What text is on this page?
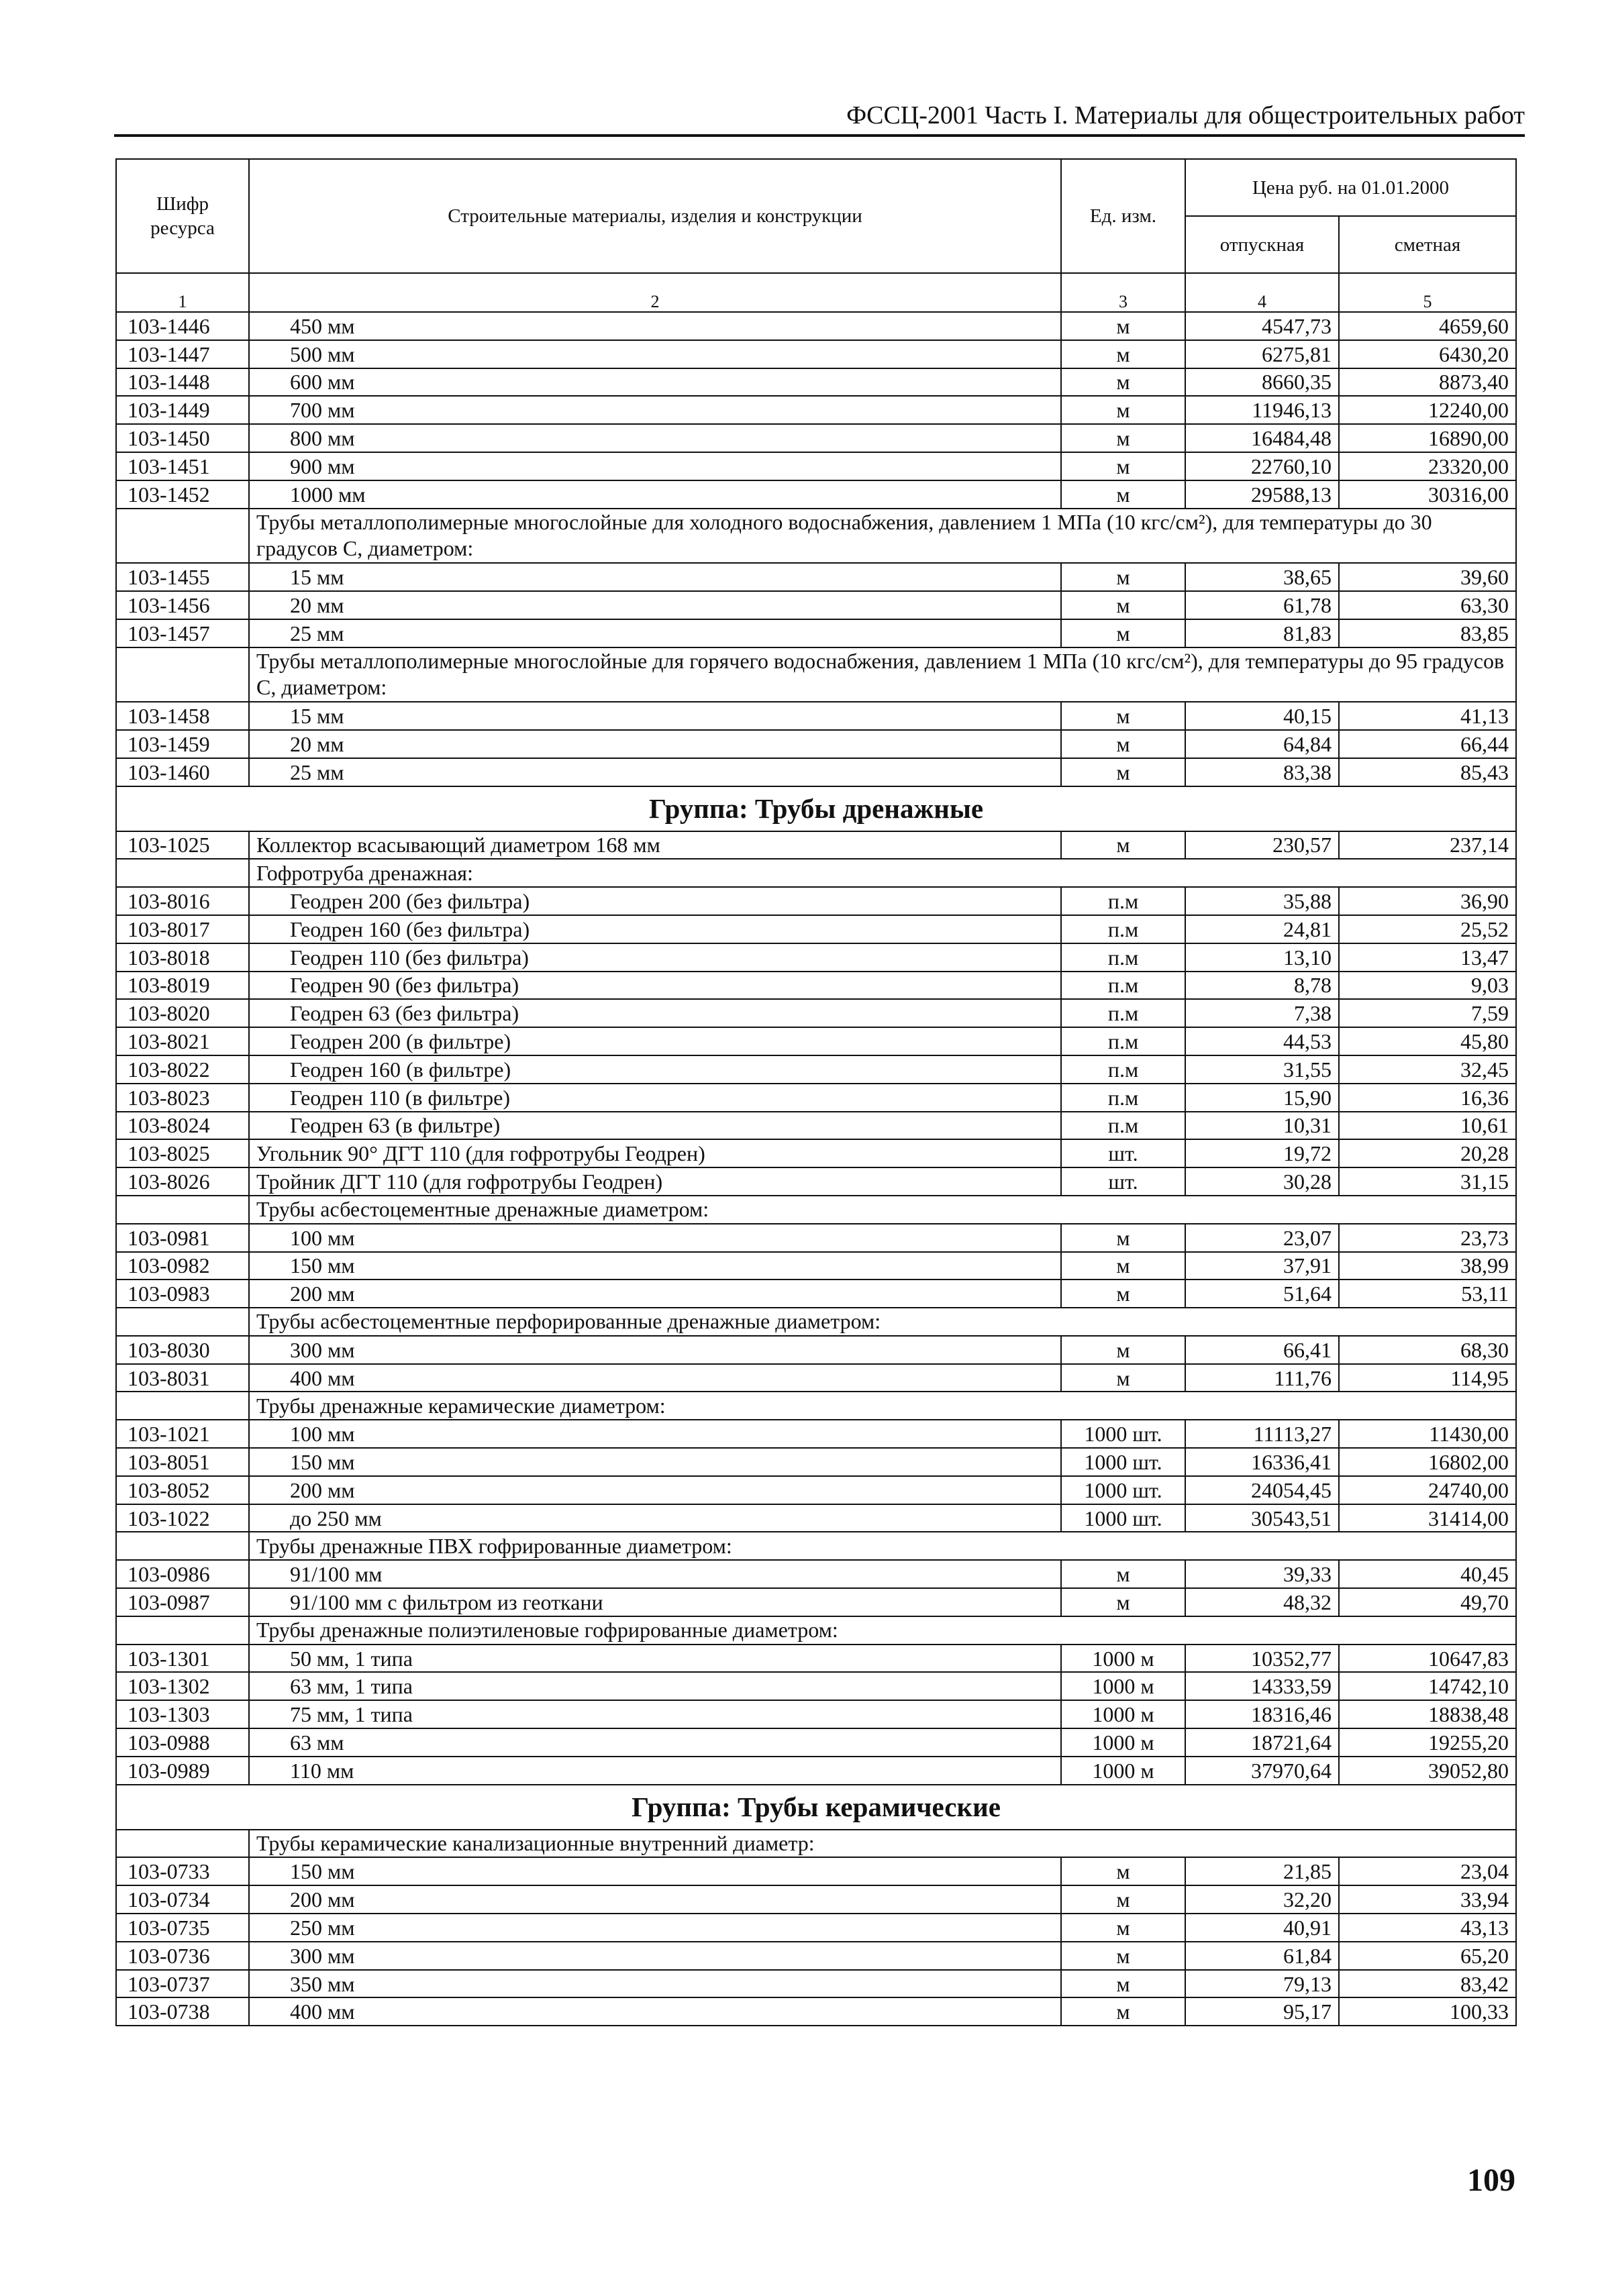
ФССЦ-2001 Часть I. Материалы для общестроительных работ
Шифр ресурса	Строительные материалы, изделия и конструкции	Ед. изм.	Цена руб. на 01.01.2000	
			отпускная	сметная
1	2	3	4	5
103-1446	450 мм	м	4547,73	4659,60
103-1447	500 мм	м	6275,81	6430,20
103-1448	600 мм	м	8660,35	8873,40
103-1449	700 мм	м	11946,13	12240,00
103-1450	800 мм	м	16484,48	16890,00
103-1451	900 мм	м	22760,10	23320,00
103-1452	1000 мм	м	29588,13	30316,00
	Трубы металлополимерные многослойные для холодного водоснабжения, давлением 1 МПа (10 кгс/см²), для температуры до 30 градусов С, диаметром:			
103-1455	15 мм	м	38,65	39,60
103-1456	20 мм	м	61,78	63,30
103-1457	25 мм	м	81,83	83,85
	Трубы металлополимерные многослойные для горячего водоснабжения, давлением 1 МПа (10 кгс/см²), для температуры до 95 градусов С, диаметром:			
103-1458	15 мм	м	40,15	41,13
103-1459	20 мм	м	64,84	66,44
103-1460	25 мм	м	83,38	85,43
Группа: Трубы дренажные				
103-1025	Коллектор всасывающий диаметром 168 мм	м	230,57	237,14
	Гофротруба дренажная:			
103-8016	Геодрен 200 (без фильтра)	п.м	35,88	36,90
103-8017	Геодрен 160 (без фильтра)	п.м	24,81	25,52
103-8018	Геодрен 110 (без фильтра)	п.м	13,10	13,47
103-8019	Геодрен 90 (без фильтра)	п.м	8,78	9,03
103-8020	Геодрен 63 (без фильтра)	п.м	7,38	7,59
103-8021	Геодрен 200 (в фильтре)	п.м	44,53	45,80
103-8022	Геодрен 160 (в фильтре)	п.м	31,55	32,45
103-8023	Геодрен 110 (в фильтре)	п.м	15,90	16,36
103-8024	Геодрен 63 (в фильтре)	п.м	10,31	10,61
103-8025	Угольник 90° ДГТ 110 (для гофротрубы Геодрен)	шт.	19,72	20,28
103-8026	Тройник ДГТ 110 (для гофротрубы Геодрен)	шт.	30,28	31,15
	Трубы асбестоцементные дренажные диаметром:			
103-0981	100 мм	м	23,07	23,73
103-0982	150 мм	м	37,91	38,99
103-0983	200 мм	м	51,64	53,11
	Трубы асбестоцементные перфорированные дренажные диаметром:			
103-8030	300 мм	м	66,41	68,30
103-8031	400 мм	м	111,76	114,95
	Трубы дренажные керамические диаметром:			
103-1021	100 мм	1000 шт.	11113,27	11430,00
103-8051	150 мм	1000 шт.	16336,41	16802,00
103-8052	200 мм	1000 шт.	24054,45	24740,00
103-1022	до 250 мм	1000 шт.	30543,51	31414,00
	Трубы дренажные ПВХ гофрированные диаметром:			
103-0986	91/100 мм	м	39,33	40,45
103-0987	91/100 мм с фильтром из геоткани	м	48,32	49,70
	Трубы дренажные полиэтиленовые гофрированные диаметром:			
103-1301	50 мм, 1 типа	1000 м	10352,77	10647,83
103-1302	63 мм, 1 типа	1000 м	14333,59	14742,10
103-1303	75 мм, 1 типа	1000 м	18316,46	18838,48
103-0988	63 мм	1000 м	18721,64	19255,20
103-0989	110 мм	1000 м	37970,64	39052,80
Группа: Трубы керамические				
	Трубы керамические канализационные внутренний диаметр:			
103-0733	150 мм	м	21,85	23,04
103-0734	200 мм	м	32,20	33,94
103-0735	250 мм	м	40,91	43,13
103-0736	300 мм	м	61,84	65,20
103-0737	350 мм	м	79,13	83,42
103-0738	400 мм	м	95,17	100,33
109
